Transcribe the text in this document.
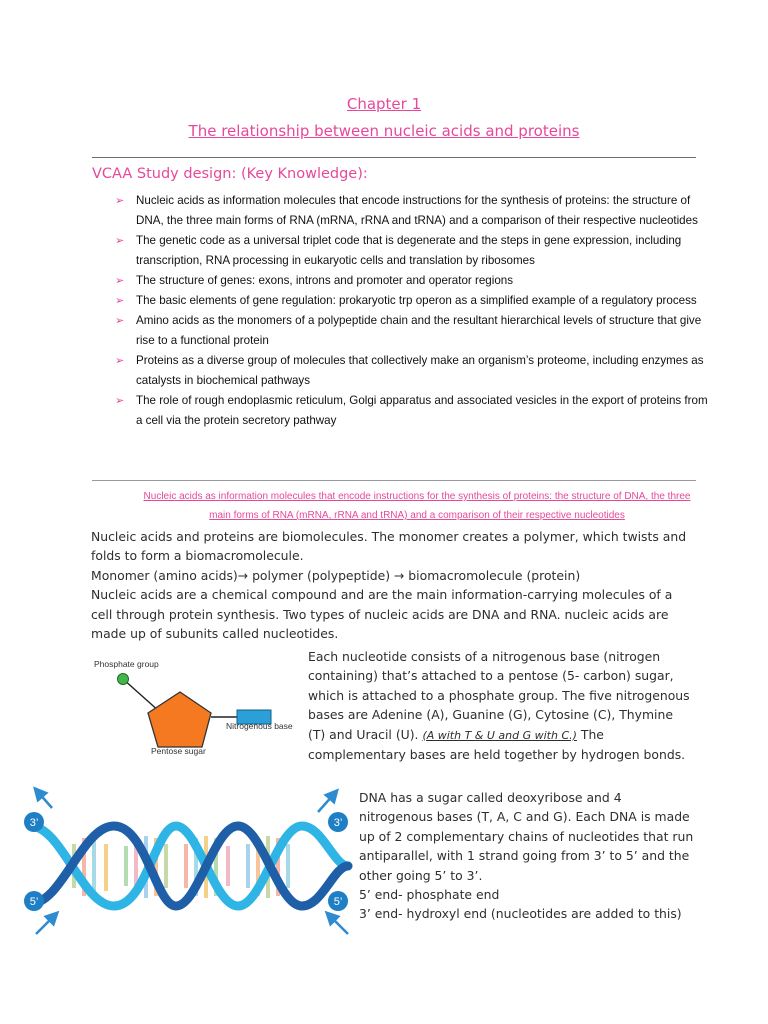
Chapter 1
The relationship between nucleic acids and proteins
VCAA Study design: (Key Knowledge):
➢ Nucleic acids as information molecules that encode instructions for the synthesis of proteins: the structure of DNA, the three main forms of RNA (mRNA, rRNA and tRNA) and a comparison of their respective nucleotides
➢ The genetic code as a universal triplet code that is degenerate and the steps in gene expression, including transcription, RNA processing in eukaryotic cells and translation by ribosomes
➢ The structure of genes: exons, introns and promoter and operator regions
➢ The basic elements of gene regulation: prokaryotic trp operon as a simplified example of a regulatory process
➢ Amino acids as the monomers of a polypeptide chain and the resultant hierarchical levels of structure that give rise to a functional protein
➢ Proteins as a diverse group of molecules that collectively make an organism’s proteome, including enzymes as catalysts in biochemical pathways
➢ The role of rough endoplasmic reticulum, Golgi apparatus and associated vesicles in the export of proteins from a cell via the protein secretory pathway
Nucleic acids as information molecules that encode instructions for the synthesis of proteins: the structure of DNA, the three main forms of RNA (mRNA, rRNA and tRNA) and a comparison of their respective nucleotides
Nucleic acids and proteins are biomolecules. The monomer creates a polymer, which twists and folds to form a biomacromolecule.
Monomer (amino acids)→ polymer (polypeptide) → biomacromolecule (protein)
Nucleic acids are a chemical compound and are the main information-carrying molecules of a cell through protein synthesis. Two types of nucleic acids are DNA and RNA. nucleic acids are made up of subunits called nucleotides.
Phosphate group
Nitrogenous base
Pentose sugar
Each nucleotide consists of a nitrogenous base (nitrogen containing) that’s attached to a pentose (5- carbon) sugar, which is attached to a phosphate group. The five nitrogenous bases are Adenine (A), Guanine (G), Cytosine (C), Thymine (T) and Uracil (U). (A with T & U and G with C.) The complementary bases are held together by hydrogen bonds.
3’
5’
3’
5’
DNA has a sugar called deoxyribose and 4 nitrogenous bases (T, A, C and G). Each DNA is made up of 2 complementary chains of nucleotides that run antiparallel, with 1 strand going from 3’ to 5’ and the other going 5’ to 3’.
5’ end- phosphate end
3’ end- hydroxyl end (nucleotides are added to this)
